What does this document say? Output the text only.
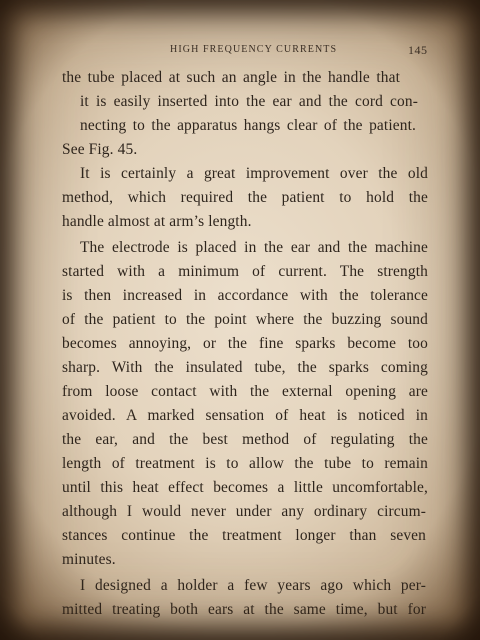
HIGH FREQUENCY CURRENTS	145
the tube placed at such an angle in the handle that
it is easily inserted into the ear and the cord con-
necting to the apparatus hangs clear of the patient.
See Fig. 45.
It is certainly a great improvement over the old
method, which required the patient to hold the
handle almost at arm’s length.
The electrode is placed in the ear and the machine
started with a minimum of current. The strength
is then increased in accordance with the tolerance
of the patient to the point where the buzzing sound
becomes annoying, or the fine sparks become too
sharp. With the insulated tube, the sparks coming
from loose contact with the external opening are
avoided. A marked sensation of heat is noticed in
the ear, and the best method of regulating the
length of treatment is to allow the tube to remain
until this heat effect becomes a little uncomfortable,
although I would never under any ordinary circum-
stances continue the treatment longer than seven
minutes.
I designed a holder a few years ago which per-
mitted treating both ears at the same time, but for
